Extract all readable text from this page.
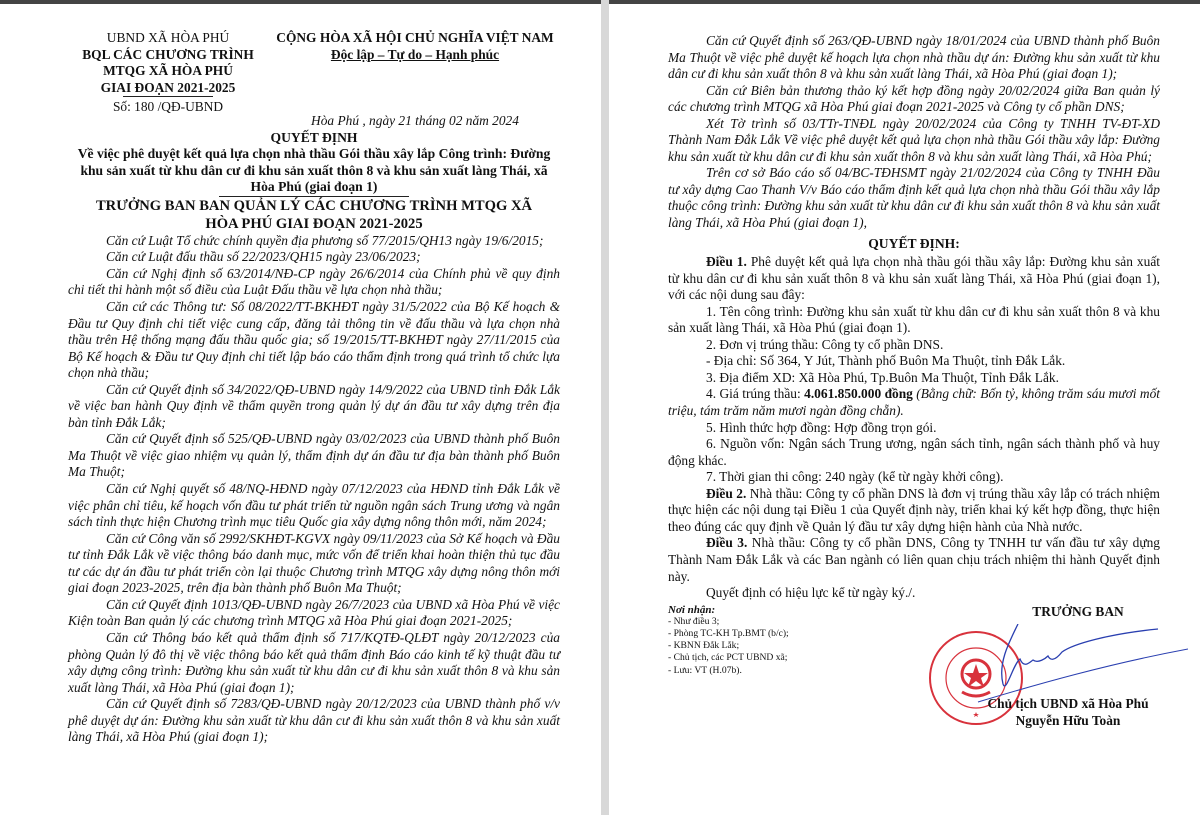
UBND XÃ HÒA PHÚ
BQL CÁC CHƯƠNG TRÌNH
MTQG XÃ HÒA PHÚ
GIAI ĐOẠN 2021-2025
Số: 180 /QĐ-UBND
CỘNG HÒA XÃ HỘI CHỦ NGHĨA VIỆT NAM
Độc lập – Tự do – Hạnh phúc
Hòa Phú , ngày 21 tháng 02 năm 2024
QUYẾT ĐỊNH
Về việc phê duyệt kết quả lựa chọn nhà thầu Gói thầu xây lắp Công trình: Đường khu sản xuất từ khu dân cư đi khu sản xuất thôn 8 và khu sản xuất làng Thái, xã Hòa Phú (giai đoạn 1)
TRƯỞNG BAN BAN QUẢN LÝ CÁC CHƯƠNG TRÌNH MTQG XÃ HÒA PHÚ GIAI ĐOẠN 2021-2025

Căn cứ Luật Tổ chức chính quyền địa phương số 77/2015/QH13 ngày 19/6/2015;

Căn cứ Luật đấu thầu số 22/2023/QH15 ngày 23/06/2023;

Căn cứ Nghị định số 63/2014/NĐ-CP ngày 26/6/2014 của Chính phủ về quy định chi tiết thi hành một số điều của Luật Đấu thầu về lựa chọn nhà thầu;

Căn cứ các Thông tư: Số 08/2022/TT-BKHĐT ngày 31/5/2022 của Bộ Kế hoạch & Đầu tư Quy định chi tiết việc cung cấp, đăng tải thông tin về đấu thầu và lựa chọn nhà thầu trên Hệ thống mạng đấu thầu quốc gia; số 19/2015/TT-BKHĐT ngày 27/11/2015 của Bộ Kế hoạch & Đầu tư Quy định chi tiết lập báo cáo thẩm định trong quá trình tổ chức lựa chọn nhà thầu;

Căn cứ Quyết định số 34/2022/QĐ-UBND ngày 14/9/2022 của UBND tỉnh Đắk Lắk về việc ban hành Quy định về thẩm quyền trong quản lý dự án đầu tư xây dựng trên địa bàn tỉnh Đắk Lắk;

Căn cứ Quyết định số 525/QĐ-UBND ngày 03/02/2023 của UBND thành phố Buôn Ma Thuột về việc giao nhiệm vụ quản lý, thẩm định dự án đầu tư địa bàn thành phố Buôn Ma Thuột;

Căn cứ Nghị quyết số 48/NQ-HĐND ngày 07/12/2023 của HĐND tỉnh Đắk Lắk về việc phân chỉ tiêu, kế hoạch vốn đầu tư phát triển từ nguồn ngân sách Trung ương và ngân sách tỉnh thực hiện Chương trình mục tiêu Quốc gia xây dựng nông thôn mới, năm 2024;

Căn cứ Công văn số 2992/SKHĐT-KGVX ngày 09/11/2023 của Sở Kế hoạch và Đầu tư tỉnh Đắk Lắk về việc thông báo danh mục, mức vốn để triển khai hoàn thiện thủ tục đầu tư các dự án đầu tư phát triển còn lại thuộc Chương trình MTQG xây dựng nông thôn mới giai đoạn 2023-2025, trên địa bàn thành phố Buôn Ma Thuột;

Căn cứ Quyết định 1013/QĐ-UBND ngày 26/7/2023 của UBND xã Hòa Phú về việc Kiện toàn Ban quản lý các chương trình MTQG xã Hòa Phú giai đoạn 2021-2025;

Căn cứ Thông báo kết quả thẩm định số 717/KQTĐ-QLĐT ngày 20/12/2023 của phòng Quản lý đô thị về việc thông báo kết quả thẩm định Báo cáo kinh tế kỹ thuật đầu tư xây dựng công trình: Đường khu sản xuất từ khu dân cư đi khu sản xuất thôn 8 và khu sản xuất làng Thái, xã Hòa Phú (giai đoạn 1);

Căn cứ Quyết định số 7283/QĐ-UBND ngày 20/12/2023 của UBND thành phố v/v phê duyệt dự án: Đường khu sản xuất từ khu dân cư đi khu sản xuất thôn 8 và khu sản xuất làng Thái, xã Hòa Phú (giai đoạn 1);

Căn cứ Quyết định số 263/QĐ-UBND ngày 18/01/2024 của UBND thành phố Buôn Ma Thuột về việc phê duyệt kế hoạch lựa chọn nhà thầu dự án: Đường khu sản xuất từ khu dân cư đi khu sản xuất thôn 8 và khu sản xuất làng Thái, xã Hòa Phú (giai đoạn 1);

Căn cứ Biên bản thương thảo ký kết hợp đồng ngày 20/02/2024 giữa Ban quản lý các chương trình MTQG xã Hòa Phú giai đoạn 2021-2025 và Công ty cổ phần DNS;

Xét Tờ trình số 03/TTr-TNĐL ngày 20/02/2024 của Công ty TNHH TV-ĐT-XD Thành Nam Đắk Lắk Về việc phê duyệt kết quả lựa chọn nhà thầu Gói thầu xây lắp: Đường khu sản xuất từ khu dân cư đi khu sản xuất thôn 8 và khu sản xuất làng Thái, xã Hòa Phú;

Trên cơ sở Báo cáo số 04/BC-TĐHSMT ngày 21/02/2024 của Công ty TNHH Đầu tư xây dựng Cao Thanh V/v Báo cáo thẩm định kết quả lựa chọn nhà thầu Gói thầu xây lắp thuộc công trình: Đường khu sản xuất từ khu dân cư đi khu sản xuất thôn 8 và khu sản xuất làng Thái, xã Hòa Phú (giai đoạn 1),

QUYẾT ĐỊNH:

Điều 1. Phê duyệt kết quả lựa chọn nhà thầu gói thầu xây lắp: Đường khu sản xuất từ khu dân cư đi khu sản xuất thôn 8 và khu sản xuất làng Thái, xã Hòa Phú (giai đoạn 1), với các nội dung sau đây:

1. Tên công trình: Đường khu sản xuất từ khu dân cư đi khu sản xuất thôn 8 và khu sản xuất làng Thái, xã Hòa Phú (giai đoạn 1).

2. Đơn vị trúng thầu: Công ty cổ phần DNS.

- Địa chỉ: Số 364, Y Jút, Thành phố Buôn Ma Thuột, tỉnh Đắk Lắk.

3. Địa điểm XD: Xã Hòa Phú, Tp.Buôn Ma Thuột, Tỉnh Đắk Lắk.

4. Giá trúng thầu: 4.061.850.000 đồng (Bằng chữ: Bốn tỷ, không trăm sáu mươi mốt triệu, tám trăm năm mươi ngàn đồng chẵn).

5. Hình thức hợp đồng: Hợp đồng trọn gói.

6. Nguồn vốn: Ngân sách Trung ương, ngân sách tỉnh, ngân sách thành phố và huy động khác.

7. Thời gian thi công: 240 ngày (kể từ ngày khởi công).

Điều 2. Nhà thầu: Công ty cổ phần DNS là đơn vị trúng thầu xây lắp có trách nhiệm thực hiện các nội dung tại Điều 1 của Quyết định này, triển khai ký kết hợp đồng, thực hiện theo đúng các quy định về Quản lý đầu tư xây dựng hiện hành của Nhà nước.

Điều 3. Nhà thầu: Công ty cổ phần DNS, Công ty TNHH tư vấn đầu tư xây dựng Thành Nam Đắk Lắk và các Ban ngành có liên quan chịu trách nhiệm thi hành Quyết định này.

Quyết định có hiệu lực kể từ ngày ký./.

Nơi nhận:
- Như điều 3;
- Phòng TC-KH Tp.BMT (b/c);
- KBNN Đắk Lắk;
- Chủ tịch, các PCT UBND xã;
- Lưu: VT (H.07b).
TRƯỞNG BAN
Chủ tịch UBND xã Hòa Phú
Nguyễn Hữu Toàn
